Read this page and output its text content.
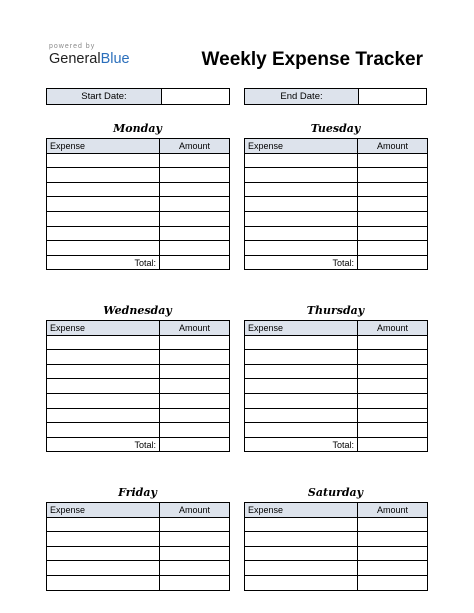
powered by
GeneralBlue	Weekly Expense Tracker
Start Date:	End Date:
Monday
Expense	Amount

Total:	
Tuesday
Expense	Amount

Total:	
Wednesday
Expense	Amount

Total:	
Thursday
Expense	Amount

Total:	
Friday
Expense	Amount

Saturday
Expense	Amount
